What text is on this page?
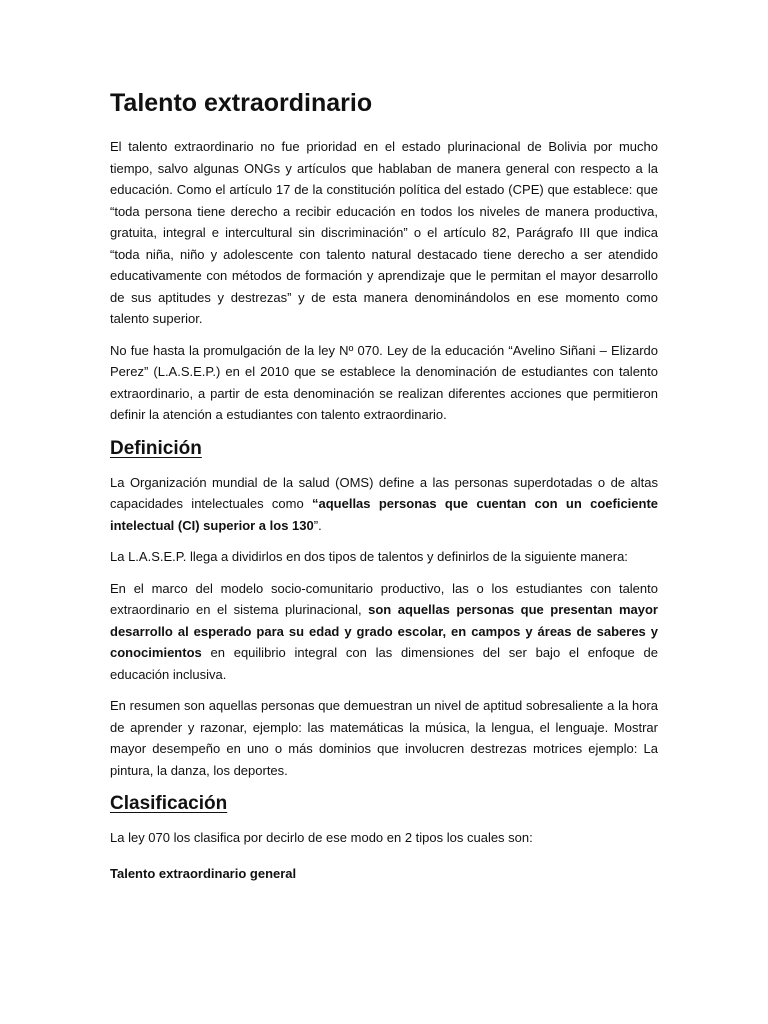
Talento extraordinario

El talento extraordinario no fue prioridad en el estado plurinacional de Bolivia por mucho tiempo, salvo algunas ONGs y artículos que hablaban de manera general con respecto a la educación. Como el artículo 17 de la constitución política del estado (CPE) que establece: que “toda persona tiene derecho a recibir educación en todos los niveles de manera productiva, gratuita, integral e intercultural sin discriminación” o el artículo 82, Parágrafo III que indica “toda niña, niño y adolescente con talento natural destacado tiene derecho a ser atendido educativamente con métodos de formación y aprendizaje que le permitan el mayor desarrollo de sus aptitudes y destrezas” y de esta manera denominándolos en ese momento como talento superior.

No fue hasta la promulgación de la ley Nº 070. Ley de la educación “Avelino Siñani – Elizardo Perez” (L.A.S.E.P.) en el 2010 que se establece la denominación de estudiantes con talento extraordinario, a partir de esta denominación se realizan diferentes acciones que permitieron definir la atención a estudiantes con talento extraordinario.

Definición

La Organización mundial de la salud (OMS) define a las personas superdotadas o de altas capacidades intelectuales como “aquellas personas que cuentan con un coeficiente intelectual (CI) superior a los 130”.

La L.A.S.E.P. llega a dividirlos en dos tipos de talentos y definirlos de la siguiente manera:

En el marco del modelo socio-comunitario productivo, las o los estudiantes con talento extraordinario en el sistema plurinacional, son aquellas personas que presentan mayor desarrollo al esperado para su edad y grado escolar, en campos y áreas de saberes y conocimientos en equilibrio integral con las dimensiones del ser bajo el enfoque de educación inclusiva.

En resumen son aquellas personas que demuestran un nivel de aptitud sobresaliente a la hora de aprender y razonar, ejemplo: las matemáticas la música, la lengua, el lenguaje. Mostrar mayor desempeño en uno o más dominios que involucren destrezas motrices ejemplo: La pintura, la danza, los deportes.

Clasificación

La ley 070 los clasifica por decirlo de ese modo en 2 tipos los cuales son:

Talento extraordinario general
